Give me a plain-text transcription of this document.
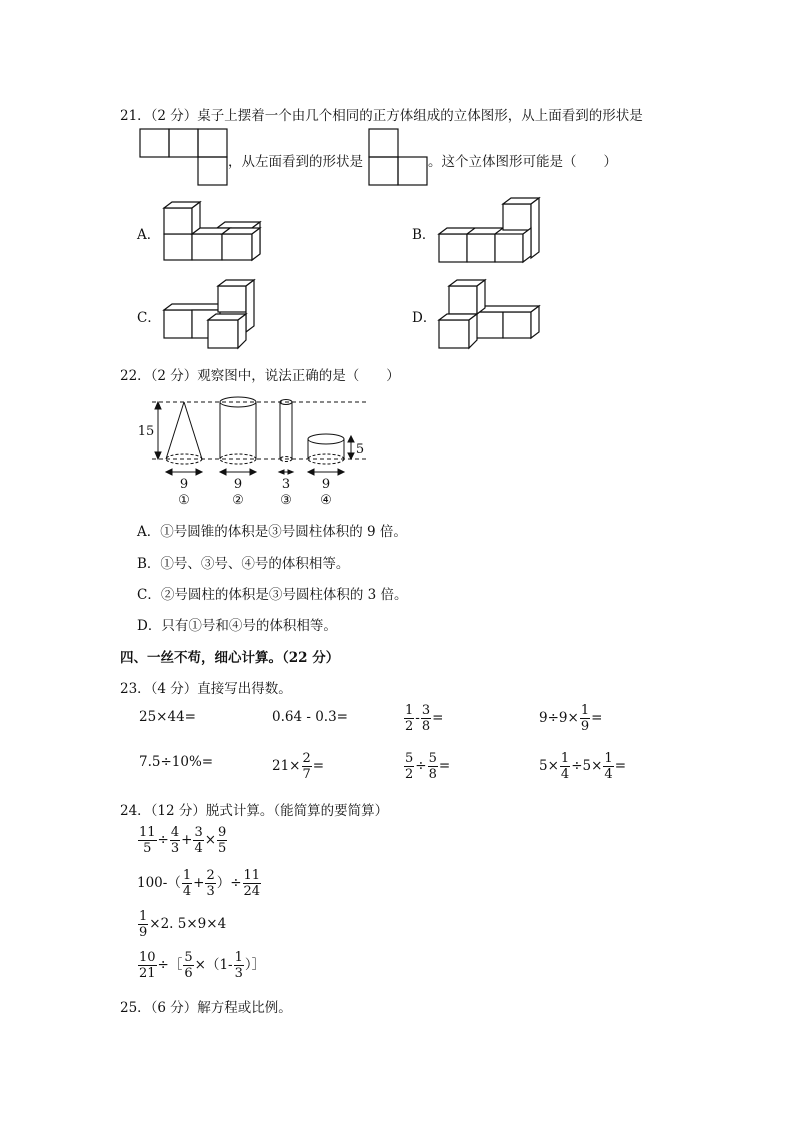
21．（2 分）桌子上摆着一个由几个相同的正方体组成的立体图形，从上面看到的形状是
，从左面看到的形状是	。这个立体图形可能是（　　）
A．	B．
C．	D．
22．（2 分）观察图中，说法正确的是（　　）
15
5
9	9	3 9
①	②	③ ④
A．①号圆锥的体积是③号圆柱体积的 9 倍。
B．①号、③号、④号的体积相等。
C．②号圆柱的体积是③号圆柱体积的 3 倍。
D．只有①号和④号的体积相等。
四、一丝不苟，细心计算。（22 分）
23．（4 分）直接写出得数。
25×44=	0.64 - 0.3=	$\frac{1}{2} - \frac{3}{8}$ =	$9\div 9\times \frac{1}{9}$ =
7.5÷10%=	$21\times \frac{2}{7}$ =	$\frac{5}{2} \div \frac{5}{8}$ =	$5\times \frac{1}{4} \div 5\times \frac{1}{4}$ =
24．（12 分）脱式计算。（能简算的要简算）
$\frac{11}{5} \div \frac{4}{3} + \frac{3}{4} \times \frac{9}{5}$
$100-( \frac{1}{4} + \frac{2}{3}$ ）÷ $\frac{11}{24}$
$\frac{1}{9} \times 2$. 5×9×4
$\frac{10}{21}$ ÷［ $\frac{5}{6} \times(1- \frac{1}{3}$ ）］
25．（6 分）解方程或比例。
